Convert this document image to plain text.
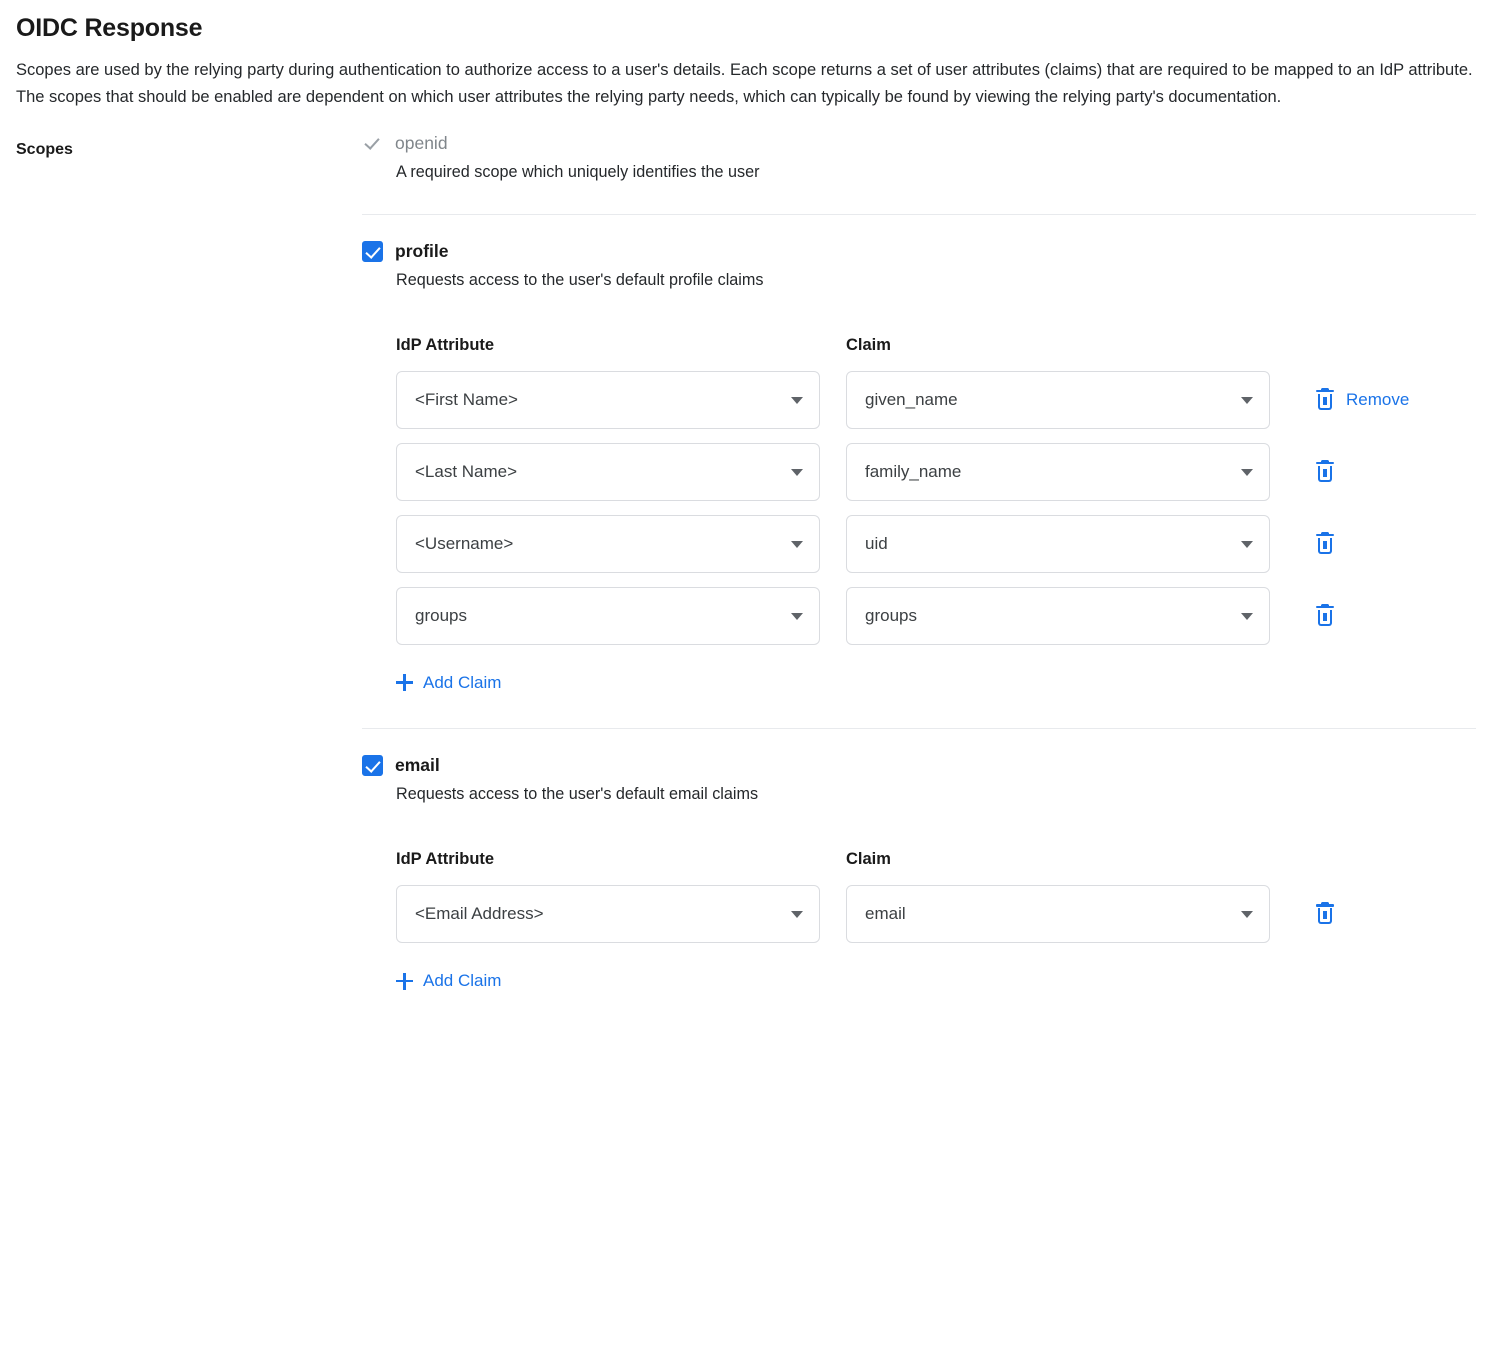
OIDC Response

Scopes are used by the relying party during authentication to authorize access to a user's details. Each scope returns a set of user attributes (claims) that are required to be mapped to an IdP attribute. The scopes that should be enabled are dependent on which user attributes the relying party needs, which can typically be found by viewing the relying party's documentation.

Scopes	openid
A required scope which uniquely identifies the user
profile
Requests access to the user's default profile claims
IdP Attribute	Claim
<First Name>	given_name	Remove
<Last Name>	family_name
<Username>	uid
groups	groups
Add Claim
email
Requests access to the user's default email claims
IdP Attribute	Claim
<Email Address>	email
Add Claim
